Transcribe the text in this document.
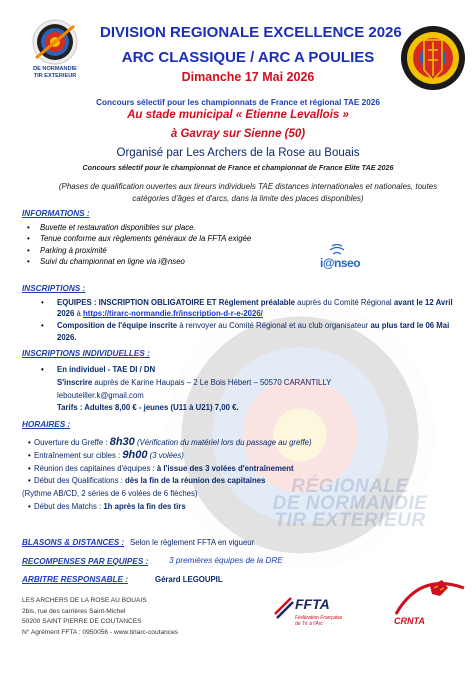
RÉGIONALE
DE NORMANDIE
TIR EXTERIEUR
DE NORMANDIE
TIR EXTERIEUR
DIVISION REGIONALE EXCELLENCE 2026
ARC CLASSIQUE / ARC A POULIES
Dimanche 17 Mai 2026
Concours sélectif pour les championnats de France et régional TAE 2026
Au stade municipal « Etienne Levallois »
à Gavray sur Sienne (50)
Organisé par Les Archers de la Rose au Bouais
Concours sélectif pour le championnat de France et championnat de France Elite TAE 2026
(Phases de qualification ouvertes aux tireurs individuels TAE distances internationales et nationales, toutes catégories d'âges et d'arcs, dans la limite des places disponibles)
INFORMATIONS :
• Buvette et restauration disponibles sur place.
• Tenue conforme aux règlements généraux de la FFTA exigée
• Parking à proximité
• Suivi du championnat en ligne via i@nseo	i@nseo
INSCRIPTIONS :
• EQUIPES : INSCRIPTION OBLIGATOIRE ET Règlement préalable auprès du Comité Régional avant le 12 Avril 2026 à https://tirarc-normandie.fr/inscription-d-r-e-2026/
• Composition de l'équipe inscrite à renvoyer au Comité Régional et au club organisateur au plus tard le 06 Mai 2026.
INSCRIPTIONS INDIVIDUELLES :
• En individuel - TAE DI / DN
S'inscrire auprès de Karine Haupais – 2 Le Bois Hébert – 50570 CARANTILLY
lebouteiller.k@gmail.com
Tarifs : Adultes 8,00 € - jeunes (U11 à U21) 7,00 €.
HORAIRES :
• Ouverture du Greffe : 8h30 (Vérification du matériel lors du passage au greffe)
• Entraînement sur cibles : 9h00 (3 volées)
• Réunion des capitaines d'équipes : à l'issue des 3 volées d'entraînement
• Début des Qualifications : dès la fin de la réunion des capitaines
(Rythme AB/CD, 2 séries de 6 volées de 6 flèches)
• Début des Matchs : 1h après la fin des tirs
BLASONS & DISTANCES : Selon le règlement FFTA en vigueur
RECOMPENSES PAR EQUIPES :	3 premières équipes de la DRE
ARBITRE RESPONSABLE :	Gérard LEGOUPIL
LES ARCHERS DE LA ROSE AU BOUAIS
2bis, rue des carrières Saint-Michel
50200 SAINT PIERRE DE COUTANCES
N° Agrément FFTA : 0950056 - www.tirlarc-coutances
FFTA
Fédération Française
de Tir à l'Arc	CRNTA
